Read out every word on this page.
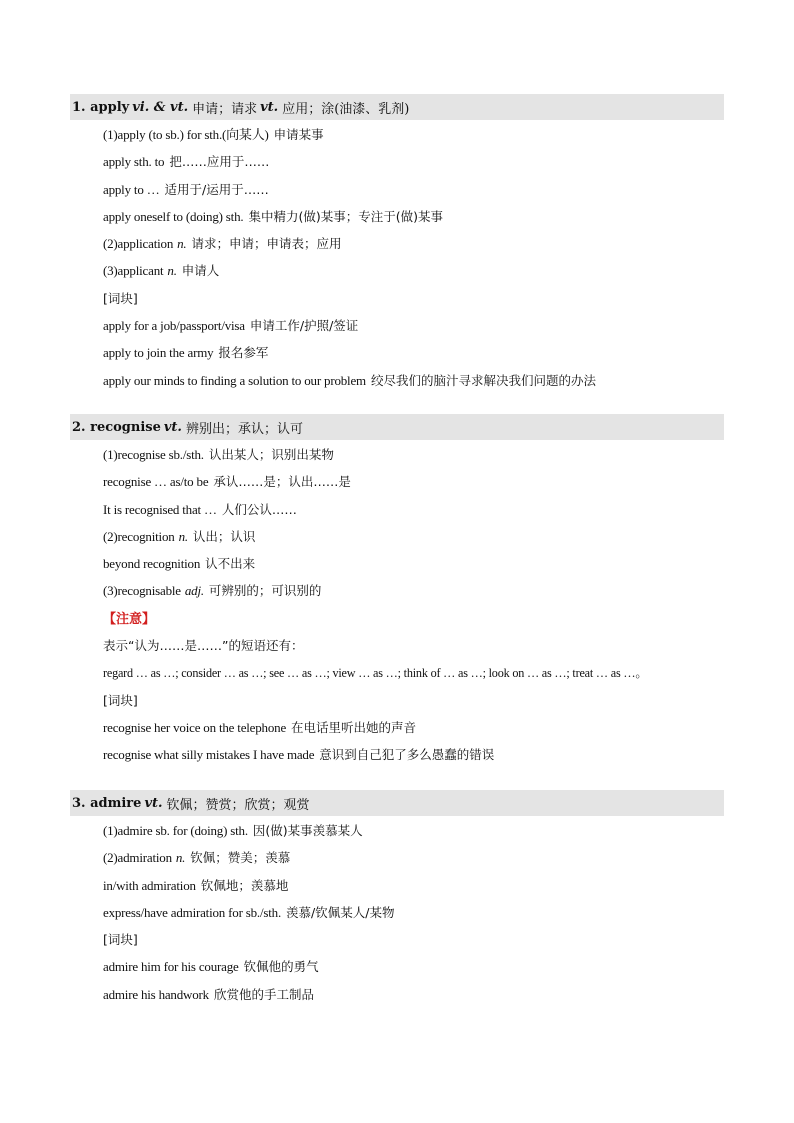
1. apply vi. & vt. 申请；请求 vt. 应用；涂(油漆、乳剂)
(1)apply (to sb.) for sth.(向某人) 申请某事
apply sth. to 把……应用于……
apply to … 适用于/运用于……
apply oneself to (doing) sth. 集中精力(做)某事；专注于(做)某事
(2)application n. 请求；申请；申请表；应用
(3)applicant n. 申请人
[词块]
apply for a job/passport/visa 申请工作/护照/签证
apply to join the army 报名参军
apply our minds to finding a solution to our problem 绞尽我们的脑汁寻求解决我们问题的办法
2. recognise vt. 辨别出；承认；认可
(1)recognise sb./sth. 认出某人；识别出某物
recognise … as/to be 承认……是；认出……是
It is recognised that … 人们公认……
(2)recognition n. 认出；认识
beyond recognition 认不出来
(3)recognisable adj. 可辨别的；可识别的
【注意】
表示“认为……是……”的短语还有：
regard … as …; consider … as …; see … as …; view … as …; think of … as …; look on … as …; treat … as …。
[词块]
recognise her voice on the telephone 在电话里听出她的声音
recognise what silly mistakes I have made 意识到自己犯了多么愚蠢的错误
3. admire vt. 钦佩；赞赏；欣赏；观赏
(1)admire sb. for (doing) sth. 因(做)某事羡慕某人
(2)admiration n. 钦佩；赞美；羡慕
in/with admiration 钦佩地；羡慕地
express/have admiration for sb./sth. 羡慕/钦佩某人/某物
[词块]
admire him for his courage 钦佩他的勇气
admire his handwork 欣赏他的手工制品
